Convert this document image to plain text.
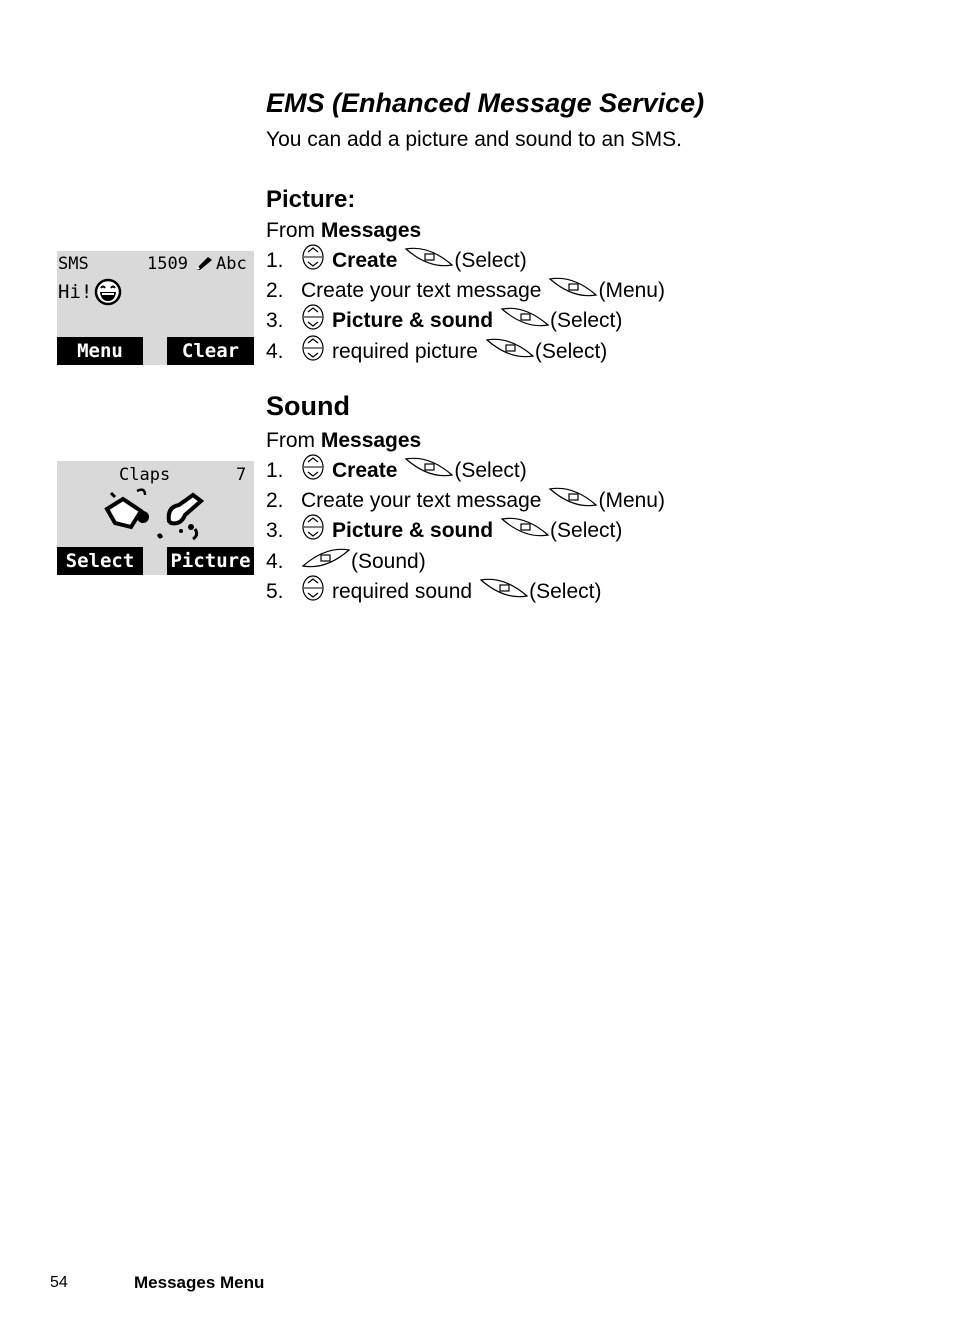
EMS (Enhanced Message Service)
You can add a picture and sound to an SMS.
Picture:
From
Messages
SMS	1509 Abc
Hi!
Menu	Clear
1.	Create	(Select)
2. Create your text message	(Menu)
3.	Picture & sound	(Select)
4.	required picture	(Select)
Sound
From
Messages
Claps	7
Select	Picture
1.	Create	(Select)
2. Create your text message	(Menu)
3.	Picture & sound	(Select)
4.	(Sound)
5.	required sound	(Select)
54	Messages Menu
